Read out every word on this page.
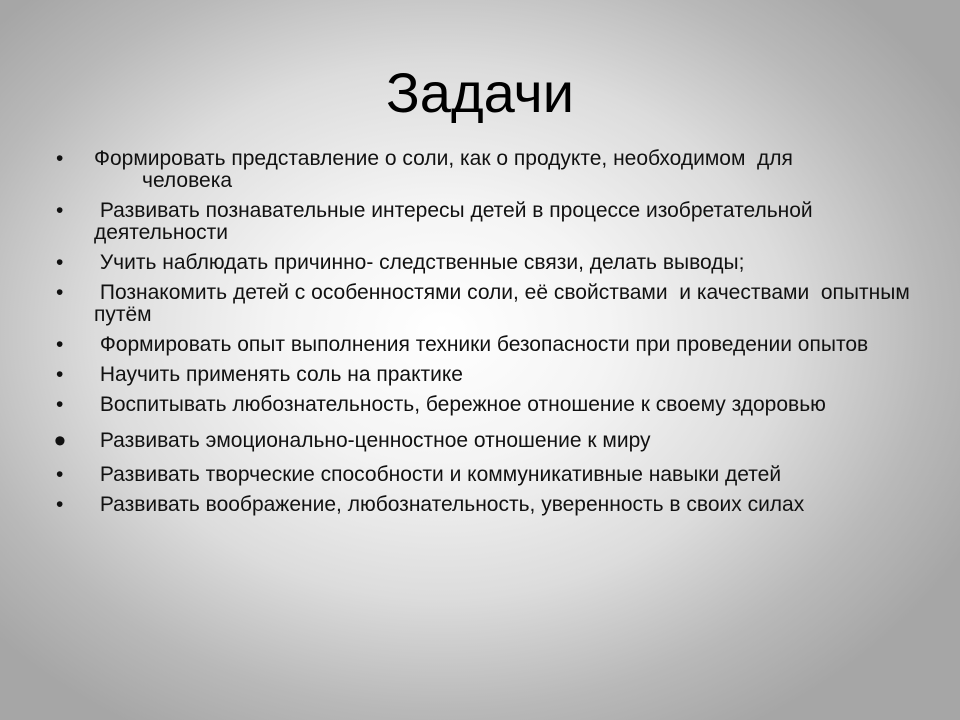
Задачи
•	Формировать представление о соли, как о продукте, необходимом  для
человека
•	Развивать познавательные интересы детей в процессе изобретательной деятельности
•	Учить наблюдать причинно- следственные связи, делать выводы;
•	Познакомить детей с особенностями соли, её свойствами  и качествами  опытным путём
•	Формировать опыт выполнения техники безопасности при проведении опытов
•	Научить применять соль на практике
•	Воспитывать любознательность, бережное отношение к своему здоровью
•	Развивать эмоционально-ценностное отношение к миру
•	Развивать творческие способности и коммуникативные навыки детей
•	Развивать воображение, любознательность, уверенность в своих силах
